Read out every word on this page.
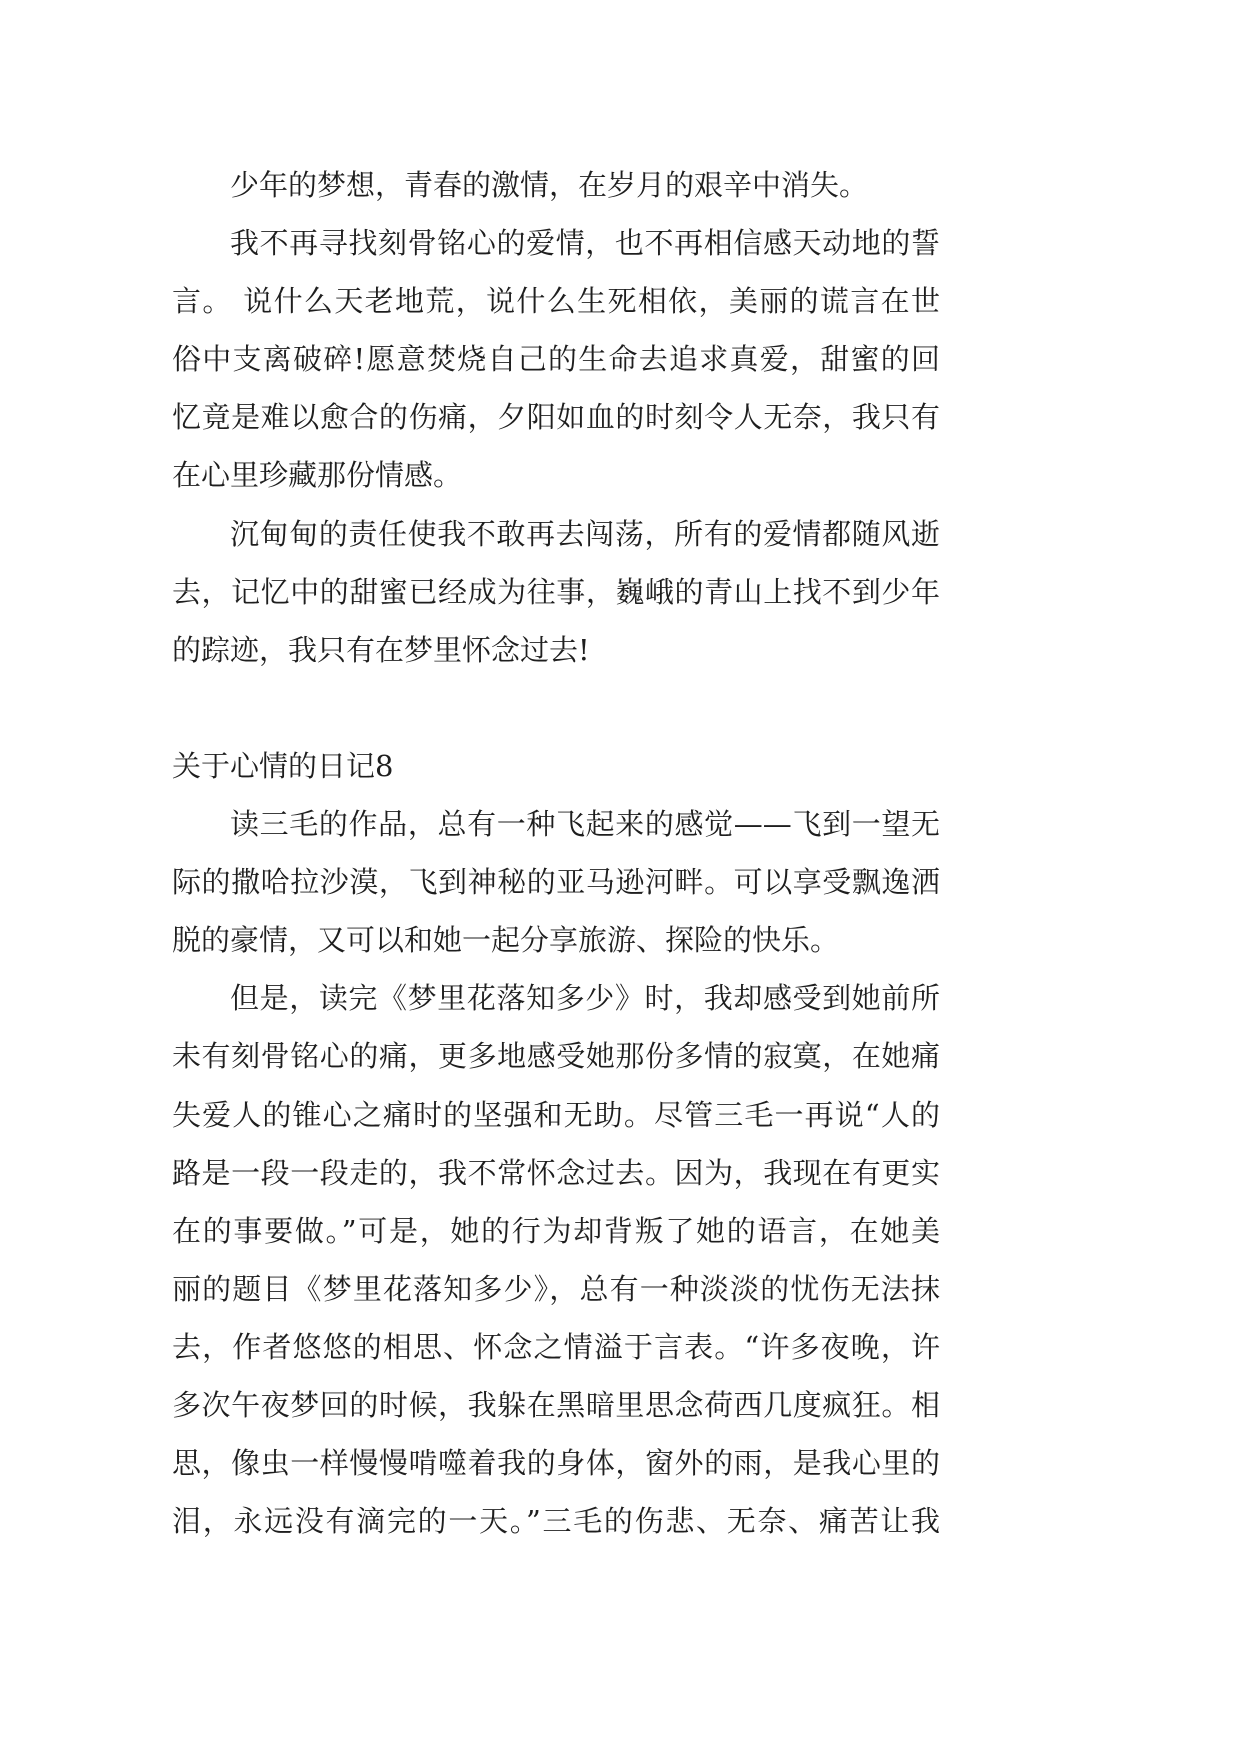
少年的梦想，青春的激情，在岁月的艰辛中消失。
我不再寻找刻骨铭心的爱情，也不再相信感天动地的誓
言。 说什么天老地荒，说什么生死相依，美丽的谎言在世
俗中支离破碎!愿意焚烧自己的生命去追求真爱，甜蜜的回
忆竟是难以愈合的伤痛，夕阳如血的时刻令人无奈，我只有
在心里珍藏那份情感。
沉甸甸的责任使我不敢再去闯荡，所有的爱情都随风逝
去，记忆中的甜蜜已经成为往事，巍峨的青山上找不到少年
的踪迹，我只有在梦里怀念过去!
关于心情的日记8
读三毛的作品，总有一种飞起来的感觉——飞到一望无
际的撒哈拉沙漠，飞到神秘的亚马逊河畔。可以享受飘逸洒
脱的豪情，又可以和她一起分享旅游、探险的快乐。
但是，读完《梦里花落知多少》时，我却感受到她前所
未有刻骨铭心的痛，更多地感受她那份多情的寂寞，在她痛
失爱人的锥心之痛时的坚强和无助。尽管三毛一再说“人的
路是一段一段走的，我不常怀念过去。因为，我现在有更实
在的事要做。”可是，她的行为却背叛了她的语言，在她美
丽的题目《梦里花落知多少》，总有一种淡淡的忧伤无法抹
去，作者悠悠的相思、怀念之情溢于言表。“许多夜晚，许
多次午夜梦回的时候，我躲在黑暗里思念荷西几度疯狂。相
思，像虫一样慢慢啃噬着我的身体，窗外的雨，是我心里的
泪，永远没有滴完的一天。”三毛的伤悲、无奈、痛苦让我
